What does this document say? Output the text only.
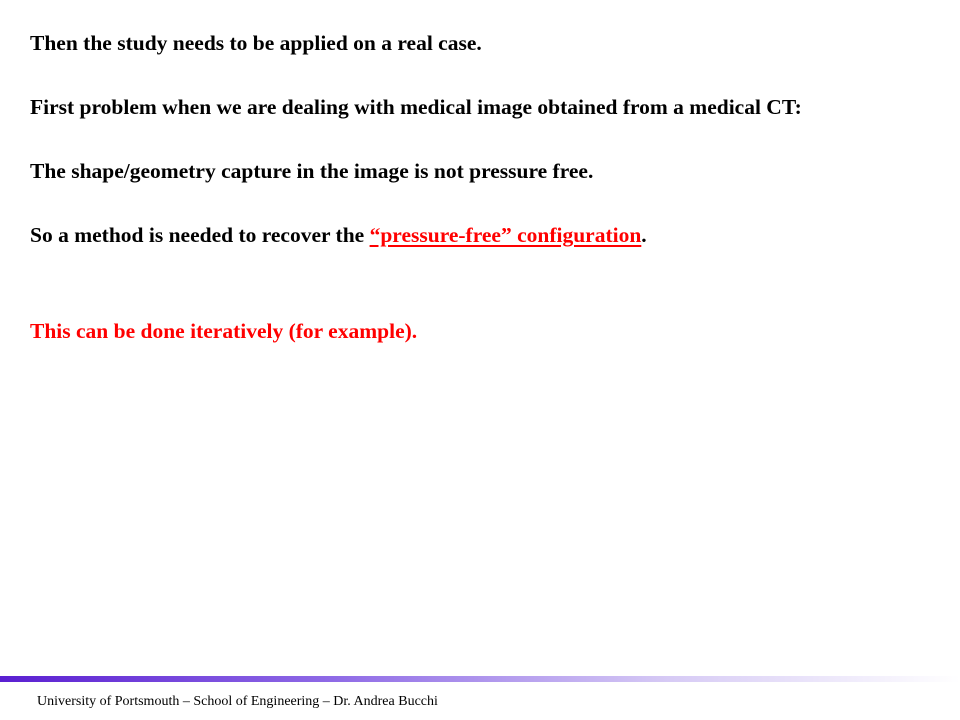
Then the study needs to be applied on a real case.

First problem when we are dealing with medical image obtained from a medical CT:

The shape/geometry capture in the image is not pressure free.

So a method is needed to recover the “pressure-free” configuration.

This can be done iteratively (for example).

University of Portsmouth – School of Engineering – Dr. Andrea Bucchi
